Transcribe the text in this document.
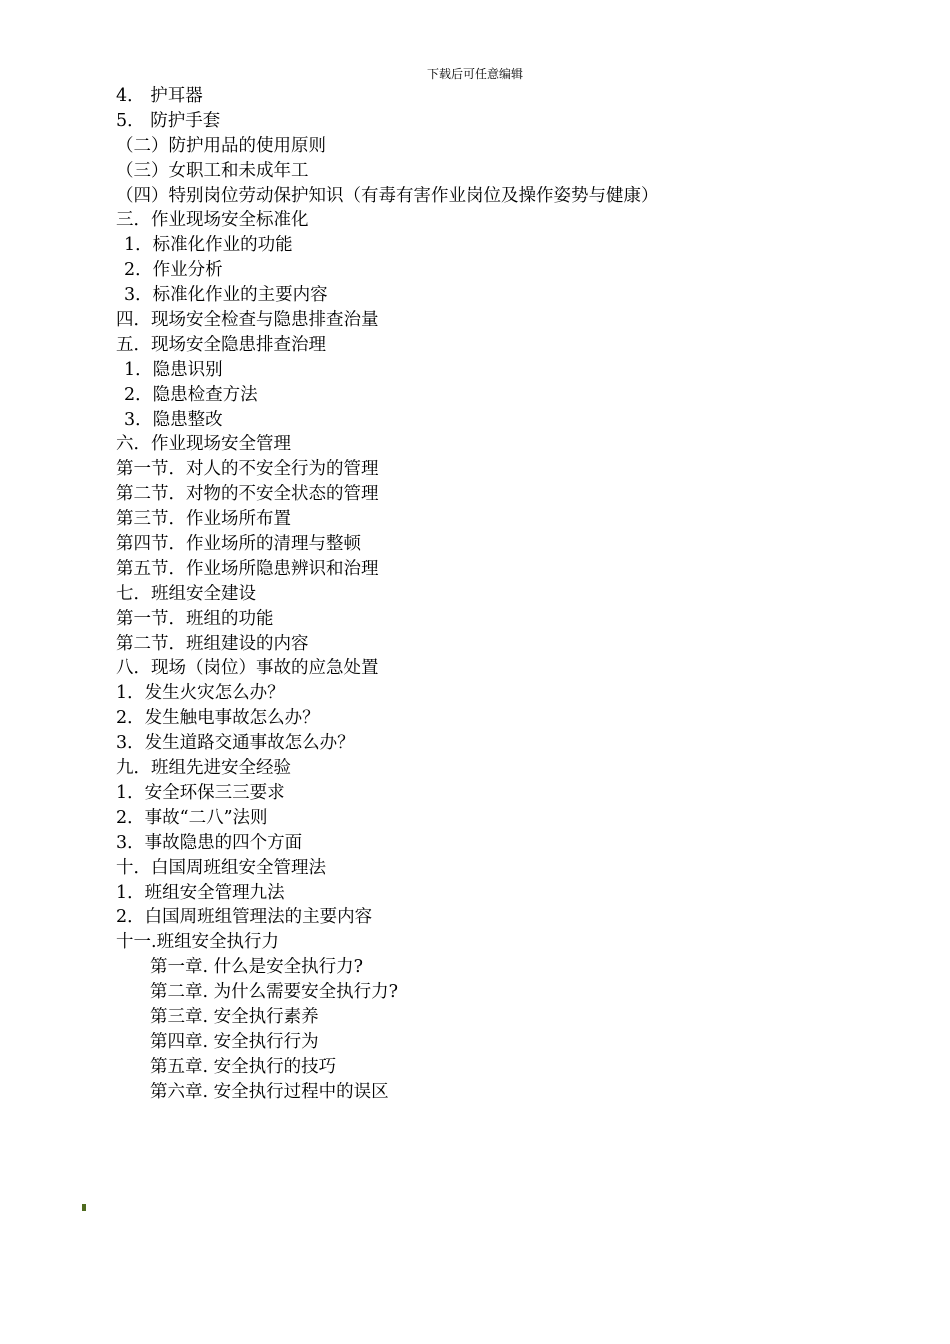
下载后可任意编辑
4． 护耳器
5． 防护手套
（二）防护用品的使用原则
（三）女职工和未成年工
（四）特别岗位劳动保护知识（有毒有害作业岗位及操作姿势与健康）
三．作业现场安全标准化
1．标准化作业的功能
2．作业分析
3．标准化作业的主要内容
四．现场安全检查与隐患排查治量
五．现场安全隐患排查治理
1．隐患识别
2．隐患检查方法
3．隐患整改
六．作业现场安全管理
第一节．对人的不安全行为的管理
第二节．对物的不安全状态的管理
第三节．作业场所布置
第四节．作业场所的清理与整顿
第五节．作业场所隐患辨识和治理
七．班组安全建设
第一节．班组的功能
第二节．班组建设的内容
八．现场（岗位）事故的应急处置
1．发生火灾怎么办？
2．发生触电事故怎么办？
3．发生道路交通事故怎么办？
九．班组先进安全经验
1．安全环保三三要求
2．事故“二八”法则
3．事故隐患的四个方面
十．白国周班组安全管理法
1．班组安全管理九法
2．白国周班组管理法的主要内容
十一.班组安全执行力
第一章. 什么是安全执行力?
第二章. 为什么需要安全执行力?
第三章. 安全执行素养
第四章. 安全执行行为
第五章. 安全执行的技巧
第六章. 安全执行过程中的误区
